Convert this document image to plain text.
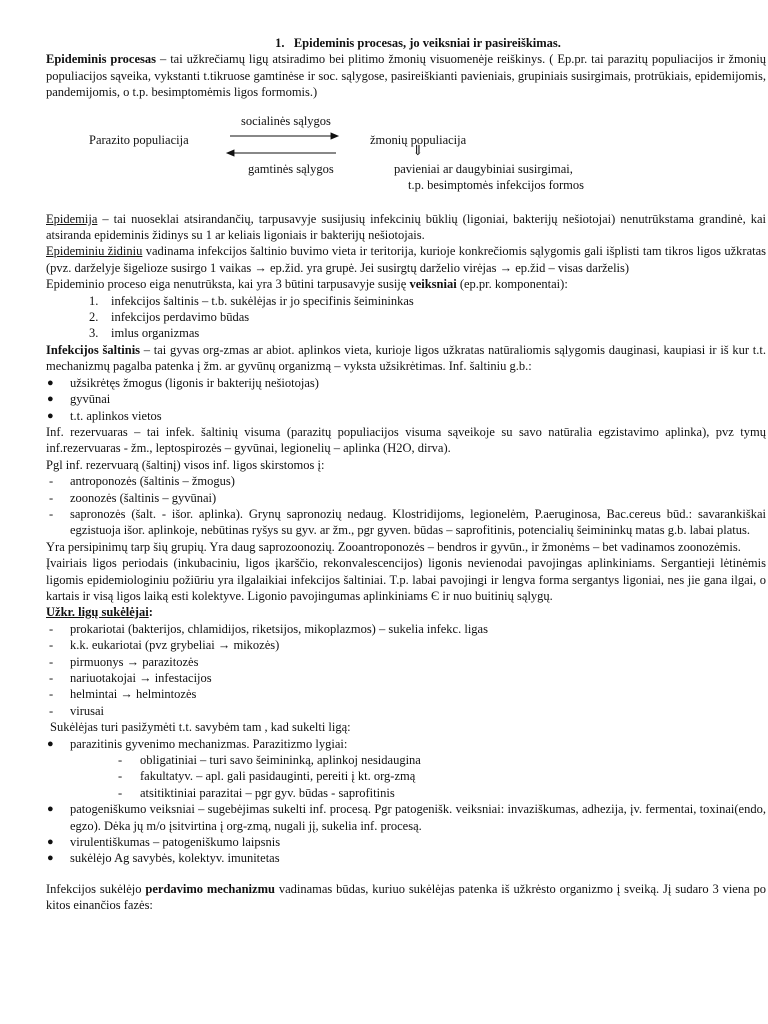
1.  Epideminis procesas, jo veiksniai ir pasireiškimas.

Epideminis procesas – tai užkrečiamų ligų atsiradimo bei plitimo žmonių visuomenėje reiškinys. ( Ep.pr. tai parazitų populiacijos ir žmonių populiacijos sąveika, vykstanti t.tikruose gamtinėse ir soc. sąlygose, pasireiškianti pavieniais, grupiniais susirgimais, protrūkiais, epidemijomis, pandemijomis, o t.p. besimptomėmis ligos formomis.)

socialinės sąlygos
Parazito populiacija	žmonių populiacija
⇓
gamtinės sąlygos	pavieniai ar daugybiniai susirgimai,
t.p. besimptomės infekcijos formos

Epidemija – tai nuoseklai atsirandančių, tarpusavyje susijusių infekcinių būklių (ligoniai, bakterijų nešiotojai) nenutrūkstama grandinė, kai atsiranda epideminis židinys su 1 ar keliais ligoniais ir bakterijų nešiotojais.

Epideminiu židiniu vadinama infekcijos šaltinio buvimo vieta ir teritorija, kurioje konkrečiomis sąlygomis gali išplisti tam tikros ligos užkratas (pvz. darželyje šigelioze susirgo 1 vaikas → ep.žid. yra grupė. Jei susirgtų darželio virėjas → ep.žid – visas darželis)

Epideminio proceso eiga nenutrūksta, kai yra 3 būtini tarpusavyje susiję veiksniai (ep.pr. komponentai):

1. infekcijos šaltinis – t.b. sukėlėjas ir jo specifinis šeimininkas
2. infekcijos perdavimo būdas
3. imlus organizmas

Infekcijos šaltinis – tai gyvas org-zmas ar abiot. aplinkos vieta, kurioje ligos užkratas natūraliomis sąlygomis dauginasi, kaupiasi ir iš kur t.t. mechanizmų pagalba patenka į žm. ar gyvūnų organizmą – vyksta užsikrėtimas. Inf. šaltiniu g.b.:

● užsikrėtęs žmogus (ligonis ir bakterijų nešiotojas)
● gyvūnai
● t.t. aplinkos vietos

Inf. rezervuaras – tai infek. šaltinių visuma (parazitų populiacijos visuma sąveikoje su savo natūralia egzistavimo aplinka), pvz tymų inf.rezervuaras - žm., leptospirozės – gyvūnai, legionelių – aplinka (H2O, dirva).

Pgl inf. rezervuarą (šaltinį) visos inf. ligos skirstomos į:

- antroponozės (šaltinis – žmogus)
- zoonozės (šaltinis – gyvūnai)
- sapronozės (šalt. - išor. aplinka). Grynų sapronozių nedaug. Klostridijoms, legionelėm, P.aeruginosa, Bac.cereus būd.: savarankiškai egzistuoja išor. aplinkoje, nebūtinas ryšys su gyv. ar žm., pgr gyven. būdas – saprofitinis, potencialių šeimininkų matas g.b. labai platus.

Yra persipinimų tarp šių grupių. Yra daug saprozoonozių. Zooantroponozės – bendros ir gyvūn., ir žmonėms – bet vadinamos zoonozėmis.

Įvairiais ligos periodais (inkubaciniu, ligos įkarščio, rekonvalescencijos) ligonis nevienodai pavojingas aplinkiniams. Sergantieji lėtinėmis ligomis epidemiologiniu požiūriu yra ilgalaikiai infekcijos šaltiniai. T.p. labai pavojingi ir lengva forma sergantys ligoniai, nes jie gana ilgai, o kartais ir visą ligos laiką esti kolektyve. Ligonio pavojingumas aplinkiniams Є ir nuo buitinių sąlygų.

Užkr. ligų sukėlėjai:

- prokariotai (bakterijos, chlamidijos, riketsijos, mikoplazmos) – sukelia infekc. ligas
- k.k. eukariotai (pvz grybeliai → mikozės)
- pirmuonys → parazitozės
- nariuotakojai → infestacijos
- helmintai → helmintozės
- virusai

Sukėlėjas turi pasižymėti t.t. savybėm tam , kad sukelti ligą:

● parazitinis gyvenimo mechanizmas. Parazitizmo lygiai:
- obligatiniai – turi savo šeimininką, aplinkoj nesidaugina
- fakultatyv. – apl. gali pasidauginti, pereiti į kt. org-zmą
- atsitiktiniai parazitai – pgr gyv. būdas - saprofitinis
● patogeniškumo veiksniai – sugebėjimas sukelti inf. procesą. Pgr patogenišk. veiksniai: invaziškumas, adhezija, įv. fermentai, toxinai(endo, egzo). Dėka jų m/o įsitvirtina į org-zmą, nugali jį, sukelia inf. procesą.
● virulentiškumas – patogeniškumo laipsnis
● sukėlėjo Ag savybės, kolektyv. imunitetas

Infekcijos sukėlėjo perdavimo mechanizmu vadinamas būdas, kuriuo sukėlėjas patenka iš užkrėsto organizmo į sveiką. Jį sudaro 3 viena po kitos einančios fazės:
